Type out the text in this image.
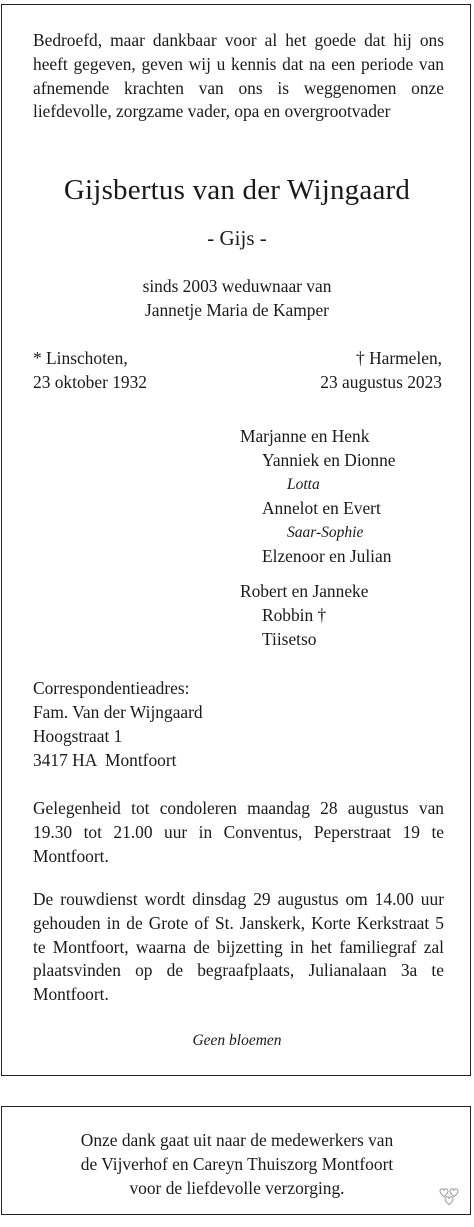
Bedroefd, maar dankbaar voor al het goede dat hij ons heeft gegeven, geven wij u kennis dat na een periode van afnemende krachten van ons is weggenomen onze liefdevolle, zorgzame vader, opa en overgrootvader
Gijsbertus van der Wijngaard
- Gijs -
sinds 2003 weduwnaar van
Jannetje Maria de Kamper
* Linschoten,
23 oktober 1932
† Harmelen,
23 augustus 2023
Marjanne en Henk
Yanniek en Dionne
Lotta
Annelot en Evert
Saar-Sophie
Elzenoor en Julian
Robert en Janneke
Robbin †
Tiisetso
Correspondentieadres:
Fam. Van der Wijngaard
Hoogstraat 1
3417 HA  Montfoort
Gelegenheid tot condoleren maandag 28 augustus van 19.30 tot 21.00 uur in Conventus, Peperstraat 19 te Montfoort.
De rouwdienst wordt dinsdag 29 augustus om 14.00 uur gehouden in de Grote of St. Janskerk, Korte Kerkstraat 5 te Montfoort, waarna de bijzetting in het familiegraf zal plaatsvinden op de begraafplaats, Julianalaan 3a te Montfoort.
Geen bloemen
Onze dank gaat uit naar de medewerkers van
de Vijverhof en Careyn Thuiszorg Montfoort
voor de liefdevolle verzorging.
